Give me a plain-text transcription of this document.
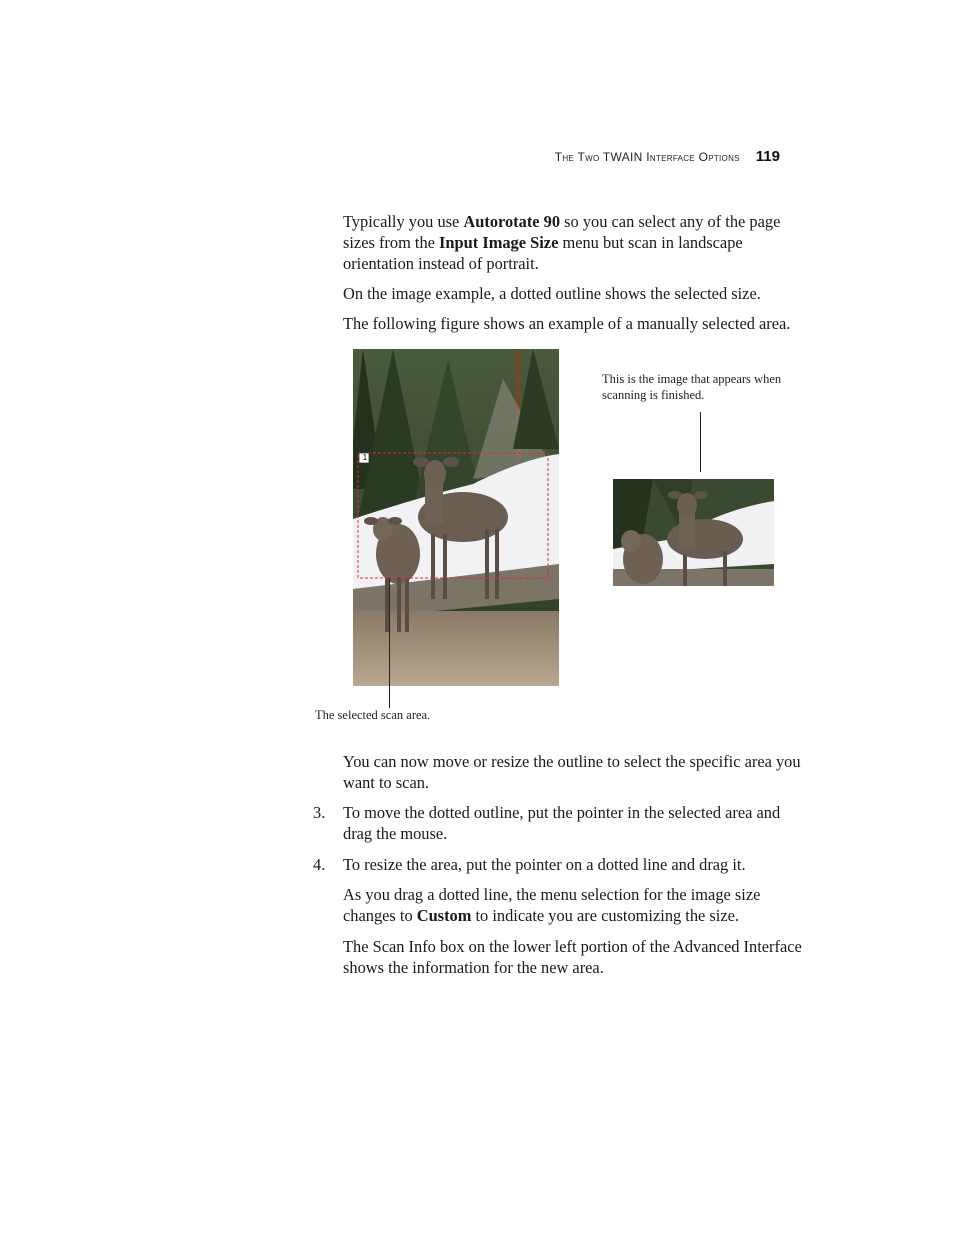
The Two TWAIN Interface Options 119

Typically you use Autorotate 90 so you can select any of the page sizes from the Input Image Size menu but scan in landscape orientation instead of portrait.

On the image example, a dotted outline shows the selected size.

The following figure shows an example of a manually selected area.

1
This is the image that appears when scanning is finished.
The selected scan area.

You can now move or resize the outline to select the specific area you want to scan.

3.	To move the dotted outline, put the pointer in the selected area and drag the mouse.
4.	To resize the area, put the pointer on a dotted line and drag it.

As you drag a dotted line, the menu selection for the image size changes to Custom to indicate you are customizing the size.

The Scan Info box on the lower left portion of the Advanced Interface shows the information for the new area.
